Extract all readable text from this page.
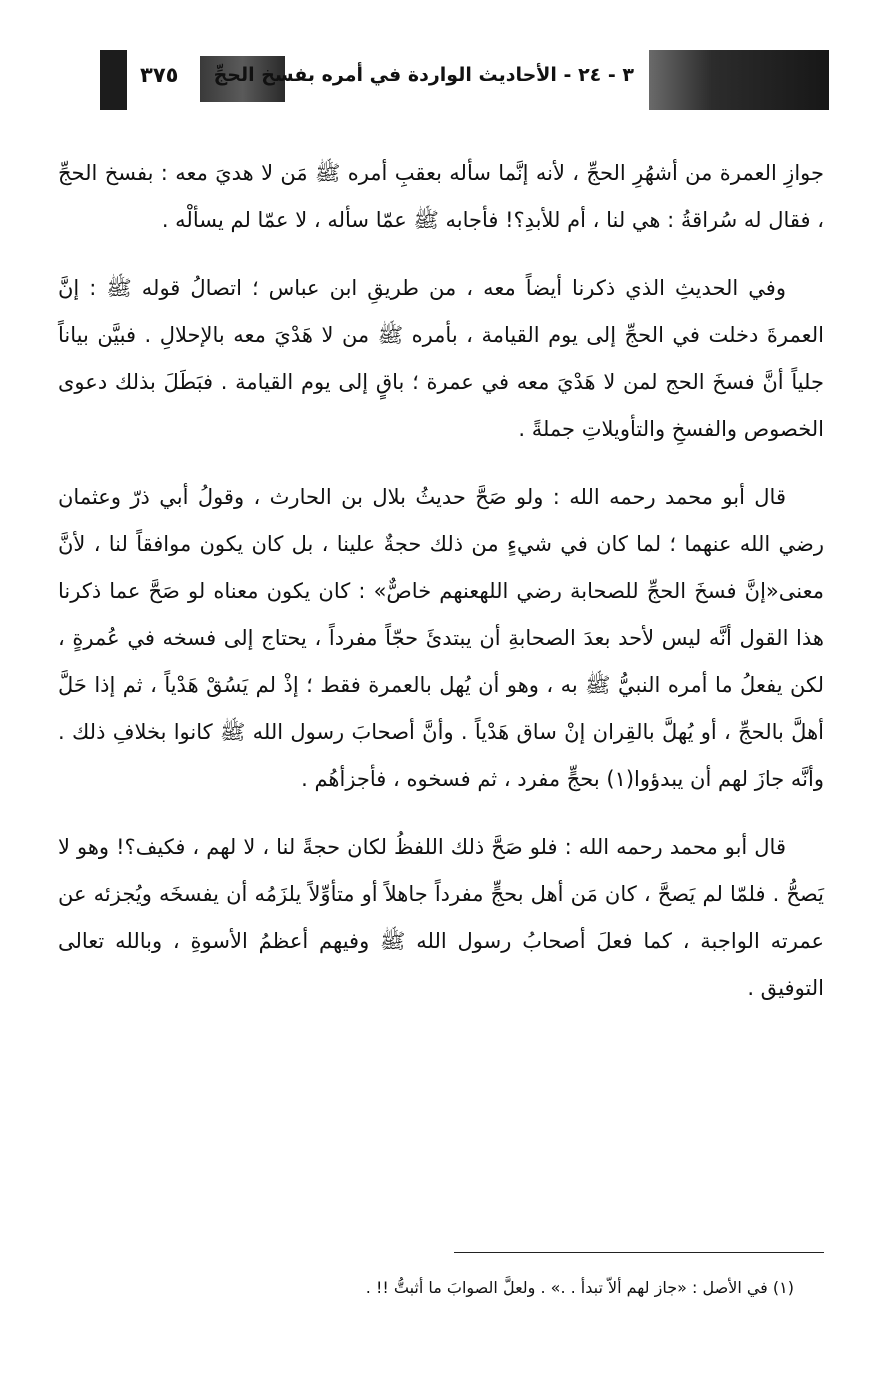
٣٧٥ ٣ - ٢٤ - الأحاديث الواردة في أمره بفسخ الحجِّ

جوازِ العمرة من أشهُرِ الحجِّ ، لأنه إنَّما سأله بعقبِ أمره ﷺ مَن لا هديَ معه : بفسخ الحجِّ ، فقال له سُراقةُ : هي لنا ، أم للأبدِ؟! فأجابه ﷺ عمّا سأله ، لا عمّا لم يسألْه .

وفي الحديثِ الذي ذكرنا أيضاً معه ، من طريقِ ابن عباس ؛ اتصالُ قوله ﷺ : إنَّ العمرةَ دخلت في الحجِّ إلى يوم القيامة ، بأمره ﷺ من لا هَدْيَ معه بالإحلالِ . فبيَّن بياناً جلياً أنَّ فسخَ الحج لمن لا هَدْيَ معه في عمرة ؛ باقٍ إلى يوم القيامة . فبَطَلَ بذلك دعوى الخصوص والفسخِ والتأويلاتِ جملةً .

قال أبو محمد رحمه الله : ولو صَحَّ حديثُ بلال بن الحارث ، وقولُ أبي ذرّ وعثمان رضي الله عنهما ؛ لما كان في شيءٍ من ذلك حجةٌ علينا ، بل كان يكون موافقاً لنا ، لأنَّ معنى«إنَّ فسخَ الحجِّ للصحابة رضي اللهعنهم خاصٌّ» : كان يكون معناه لو صَحَّ عما ذكرنا هذا القول أنَّه ليس لأحد بعدَ الصحابةِ أن يبتدئَ حجّاً مفرداً ، يحتاج إلى فسخه في عُمرةٍ ، لكن يفعلُ ما أمره النبيُّ ﷺ به ، وهو أن يُهل بالعمرة فقط ؛ إذْ لم يَسُقْ هَدْياً ، ثم إذا حَلَّ أهلَّ بالحجِّ ، أو يُهلَّ بالقِران إنْ ساق هَدْياً . وأنَّ أصحابَ رسول الله ﷺ كانوا بخلافِ ذلك . وأنَّه جازَ لهم أن يبدؤوا(١) بحجٍّ مفرد ، ثم فسخوه ، فأجزأهُم .

قال أبو محمد رحمه الله : فلو صَحَّ ذلك اللفظُ لكان حجةً لنا ، لا لهم ، فكيف؟! وهو لا يَصحُّ . فلمّا لم يَصحَّ ، كان مَن أهل بحجٍّ مفرداً جاهلاً أو متأوِّلاً يلزَمُه أن يفسخَه ويُجزئه عن عمرته الواجبة ، كما فعلَ أصحابُ رسول الله ﷺ وفيهم أعظمُ الأسوةِ ، وبالله تعالى التوفيق .

(١) في الأصل : «جاز لهم ألاّ تبدأ . .» . ولعلَّ الصوابَ ما أثبتُّ !! .
